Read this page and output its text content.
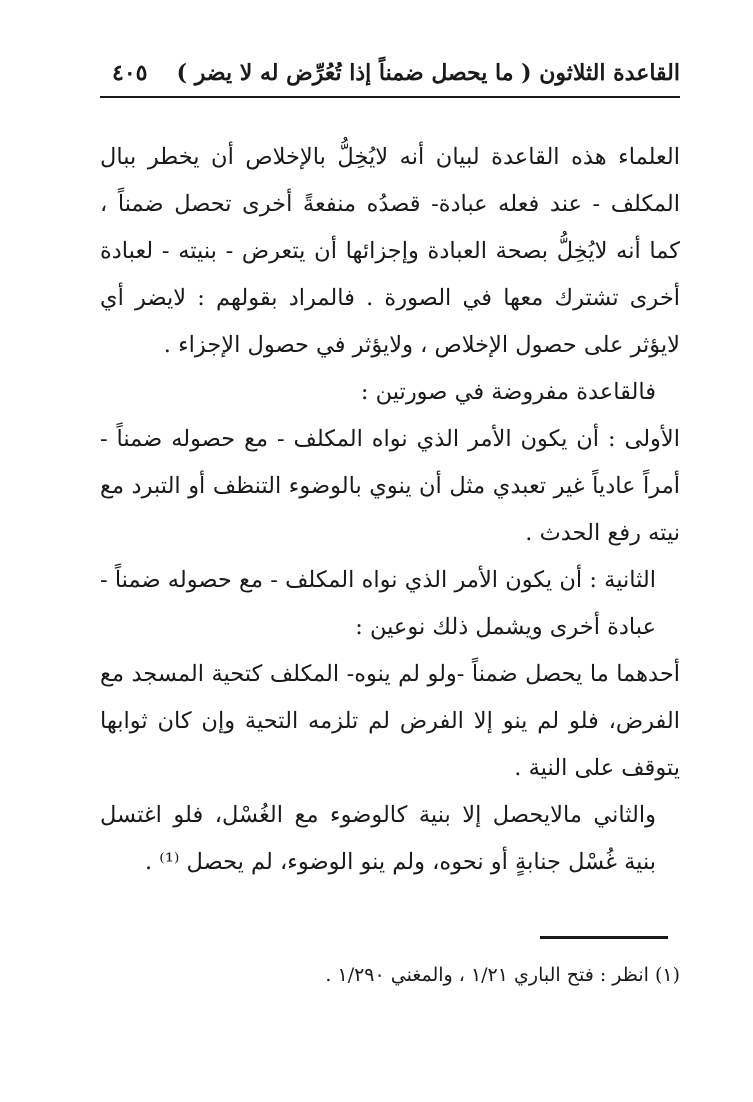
القاعدة الثلاثون ( ما يحصل ضمناً إذا تُعُرِّض له لا يضر )
٤٠٥

العلماء هذه القاعدة لبيان أنه لايُخِلُّ بالإخلاص أن يخطر ببال المكلف - عند فعله عبادة- قصدُه منفعةً أخرى تحصل ضمناً ، كما أنه لايُخِلُّ بصحة العبادة وإجزائها أن يتعرض - بنيته - لعبادة أخرى تشترك معها في الصورة . فالمراد بقولهم : لايضر أي لايؤثر على حصول الإخلاص ، ولايؤثر في حصول الإجزاء .

فالقاعدة مفروضة في صورتين :

الأولى : أن يكون الأمر الذي نواه المكلف - مع حصوله ضمناً - أمراً عادياً غير تعبدي مثل أن ينوي بالوضوء التنظف أو التبرد مع نيته رفع الحدث .

الثانية : أن يكون الأمر الذي نواه المكلف - مع حصوله ضمناً - عبادة أخرى ويشمل ذلك نوعين :

أحدهما ما يحصل ضمناً -ولو لم ينوه- المكلف كتحية المسجد مع الفرض، فلو لم ينو إلا الفرض لم تلزمه التحية وإن كان ثوابها يتوقف على النية .

والثاني مالايحصل إلا بنية كالوضوء مع الغُسْل، فلو اغتسل بنية غُسْل جنابةٍ أو نحوه، ولم ينو الوضوء، لم يحصل ⁽¹⁾ .

(١) انظر : فتح الباري ١/٢١ ، والمغني ١/٢٩٠ .
